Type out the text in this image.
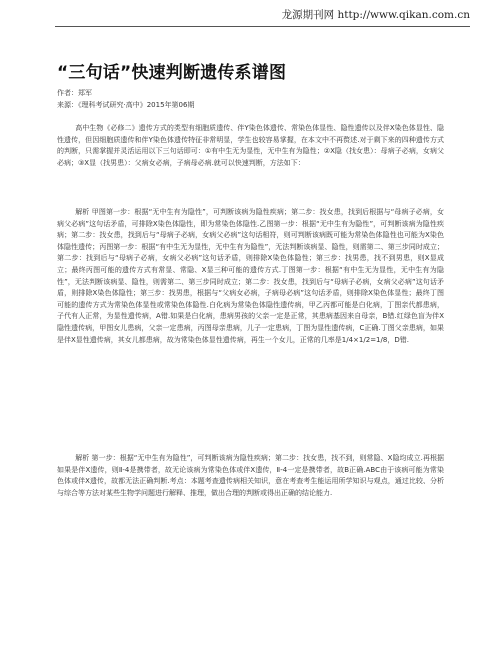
龙源期刊网 http://www.qikan.com.cn
“三句话”快速判断遗传系谱图
作者：郑军
来源：《理科考试研究·高中》2015年第06期

高中生物《必修二》遗传方式的类型有细胞质遗传、伴Y染色体遗传、常染色体显性、隐性遗传以及伴X染色体显性、隐性遗传，但因细胞质遗传和伴Y染色体遗传特征非常明显，学生也较容易掌握，在本文中不再赘述.对于剩下来的四种遗传方式的判断，只需掌握并灵活运用以下三句话即可：①有中生无为显性，无中生有为隐性；②X隐（找女患）：母病子必病，女病父必病；③X显（找男患）：父病女必病，子病母必病.就可以快速判断，方法如下：

解析 甲图第一步：根据“无中生有为隐性”，可判断该病为隐性疾病；第二步：找女患，找到后根据与“母病子必病，女病父必病”这句话矛盾，可排除X染色体隐性，即为常染色体隐性.乙图第一步：根据“无中生有为隐性”，可判断该病为隐性疾病；第二步：找女患，找到后与“母病子必病，女病父必病”这句话相符，则可判断该病既可能为常染色体隐性也可能为X染色体隐性遗传；丙图第一步：根据“有中生无为显性，无中生有为隐性”，无法判断该病显、隐性，则需第二、第三步同时成立；第二步：找到后与“母病子必病，女病父必病”这句话矛盾，则排除X染色体隐性；第三步：找男患，找不到男患，则X显成立；最终丙图可能的遗传方式有常显、常隐、X显三种可能的遗传方式.丁图第一步：根据“有中生无为显性，无中生有为隐性”，无法判断该病显、隐性，则需第二、第三步同时成立；第二步：找女患，找到后与“母病子必病，女病父必病”这句话矛盾，则排除X染色体隐性；第三步：找男患，根据与“父病女必病，子病母必病”这句话矛盾，则排除X染色体显性；最终丁图可能的遗传方式为常染色体显性或常染色体隐性.白化病为常染色体隐性遗传病，甲乙丙都可能是白化病，丁图亲代都患病，子代有人正常，为显性遗传病，A错.如果是白化病，患病男孩的父亲一定是正常，其患病基因来自母亲，B错.红绿色盲为伴X隐性遗传病，甲图女儿患病，父亲一定患病，丙图母亲患病，儿子一定患病，丁图为显性遗传病，C正确.丁图父亲患病，如果是伴X显性遗传病，其女儿都患病，故为常染色体显性遗传病，再生一个女儿，正常的几率是1/4×1/2=1/8，D错.

解析 第一步：根据“无中生有为隐性”，可判断该病为隐性疾病；第二步：找女患，找不到，则常隐、X隐均成立.再根据如果是伴X遗传，则Ⅱ-4是携带者，故无论该病为常染色体或伴X遗传，Ⅱ-4一定是携带者，故B正确.ABC由于该病可能为常染色体或伴X遗传，故都无法正确判断.考点：本题考查遗传病相关知识，意在考查考生能运用所学知识与观点，通过比较、分析与综合等方法对某些生物学问题进行解释、推理，做出合理的判断或得出正确的结论能力.
